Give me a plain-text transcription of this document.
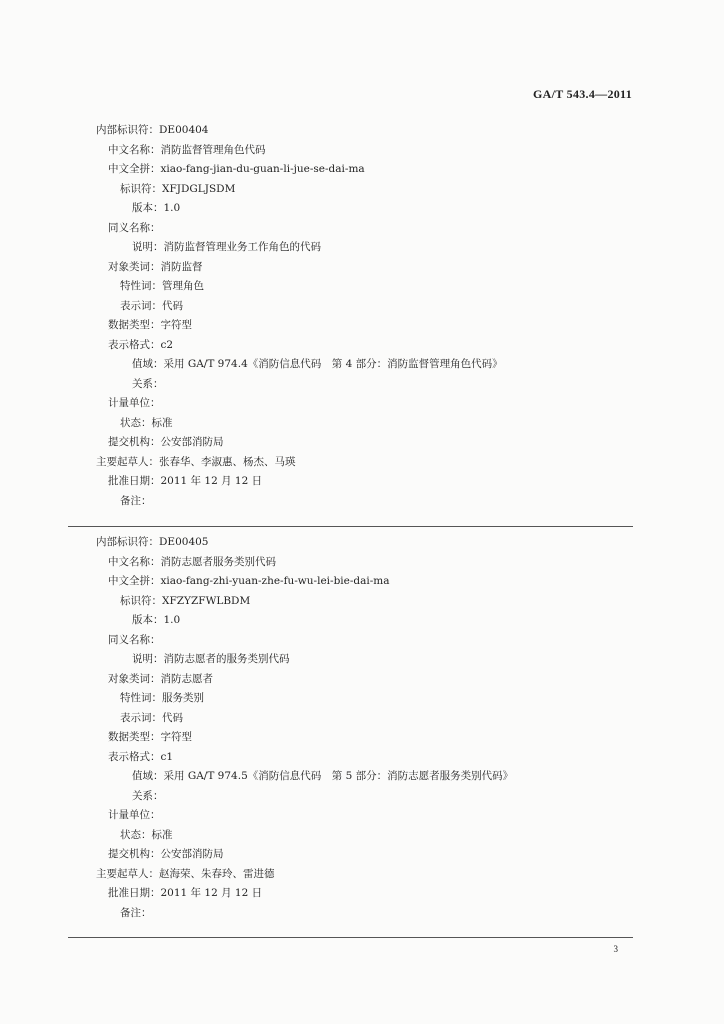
GA/T 543.4—2011
内部标识符：DE00404
中文名称：消防监督管理角色代码
中文全拼：xiao-fang-jian-du-guan-li-jue-se-dai-ma
标识符：XFJDGLJSDM
版本：1.0
同义名称：
说明：消防监督管理业务工作角色的代码
对象类词：消防监督
特性词：管理角色
表示词：代码
数据类型：字符型
表示格式：c2
值域：采用 GA/T 974.4《消防信息代码　第 4 部分：消防监督管理角色代码》
关系：
计量单位：
状态：标准
提交机构：公安部消防局
主要起草人：张春华、李淑惠、杨杰、马瑛
批准日期：2011 年 12 月 12 日
备注：
内部标识符：DE00405
中文名称：消防志愿者服务类别代码
中文全拼：xiao-fang-zhi-yuan-zhe-fu-wu-lei-bie-dai-ma
标识符：XFZYZFWLBDM
版本：1.0
同义名称：
说明：消防志愿者的服务类别代码
对象类词：消防志愿者
特性词：服务类别
表示词：代码
数据类型：字符型
表示格式：c1
值域：采用 GA/T 974.5《消防信息代码　第 5 部分：消防志愿者服务类别代码》
关系：
计量单位：
状态：标准
提交机构：公安部消防局
主要起草人：赵海荣、朱春玲、雷进德
批准日期：2011 年 12 月 12 日
备注：
3
